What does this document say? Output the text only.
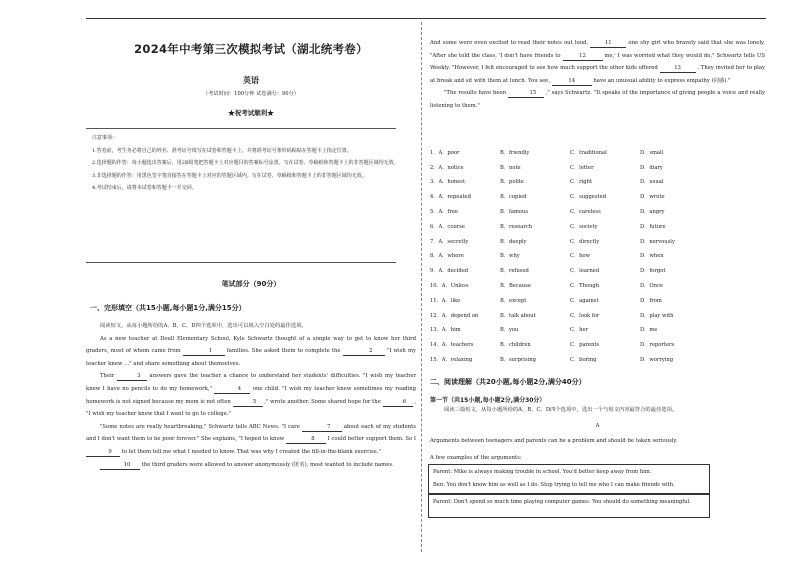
2024年中考第三次模拟考试（湖北统考卷）
英语
（考试时间：100分钟 试卷满分：90分）
★祝考试顺利★

注意事项：

1.答卷前，考生务必将自己的姓名、准考证号填写在试卷和答题卡上，并将准考证号条形码粘贴在答题卡上指定位置。

2.选择题的作答：每小题选出答案后，用2B铅笔把答题卡上对应题目的答案标号涂黑。写在试卷、草稿纸和答题卡上的非答题区域均无效。

3.非选择题的作答：用黑色签字笔直接答在答题卡上对应的答题区域内。写在试卷、草稿纸和答题卡上的非答题区域均无效。

4.考试结束后，请将本试卷和答题卡一并交回。

笔试部分（90分）
一、完形填空（共15小题,每小题1分,满分15分）

阅读短文，从每小题所给的A、B、C、D四个选项中，选出可以填入空白处的最佳选项。

As a new teacher at Doull Elementary School, Kyle Schwartz thought of a simple way to get to know her third graders, most of whom came from	1	families. She asked them to complete the	2	"I wish my teacher knew ..." and share something about themselves.

Their	3 answers gave the teacher a chance to understand her students' difficulties. "I wish my teacher knew I have no pencils to do my homework,"	4 one child. "I wish my teacher knew sometimes my reading homework is not signed because my mom is not often	5 ," wrote another. Some shared hope for the	6 , "I wish my teacher knew that I want to go to college."

"Some notes are really heartbreaking," Schwartz tells ABC News. "I care	7	about each of my students and I don't want them to be poor forever." She explains, "I hoped to know	8 I could better support them. So I 9 to let them tell me what I needed to know. That was why I created the fill-in-the-blank exercise."

10 the third graders were allowed to answer anonymously (匿名), most wanted to include names.

And some were even excited to read their notes out loud,	11	one shy girl who bravely said that she was lonely. "After she told the class, 'I don't have friends to	12	me,' I was worried what they would do," Schwartz tells US Weekly. "However, I felt encouraged to see how much support the other kids offered	13	. They invited her to play at break and sit with them at lunch. You see,	14	have an unusual ability to express empathy (同感)."

"The results have been	15 ," says Schwartz. "It speaks of the importance of giving people a voice and really listening to them."

1．A．poor	B．friendly	C．traditional	D．small
2．A．notice	B．note	C．letter	D．diary
3．A．honest	B．polite	C．right	D．usual
4．A．repeated	B．copied	C．suggested	D．wrote
5．A．free	B．famous	C．careless	D．angry
6．A．course	B．research	C．society	D．future
7．A．secretly	B．deeply	C．directly	D．nervously
8．A．where	B．why	C．how	D．when
9．A．decided	B．refused	C．learned	D．forgot
10．A．Unless	B．Because	C．Though	D．Once
11．A．like	B．except	C．against	D．from
12．A．depend on	B．talk about	C．look for	D．play with
13．A．him	B．you	C．her	D．me
14．A．teachers	B．children	C．parents	D．reporters
15．A．relaxing	B．surprising	C．boring	D．worrying
二、阅读理解（共20小题,每小题2分,满分40分）
第一节（共15小题,每小题2分,满分30分）
阅读三篇短文，从每小题所给的A、B、C、D四个选项中，选出一个与短文内容最符合的最佳选项。
A
Arguments between teenagers and parents can be a problem and should be taken seriously.
A few examples of the arguments:
Parent: Mike is always making trouble in school. You'd better keep away from him.
Ben: You don't know him as well as I do. Stop trying to tell me who I can make friends with.
Parent: Don't spend so much time playing computer games. You should do something meaningful.
